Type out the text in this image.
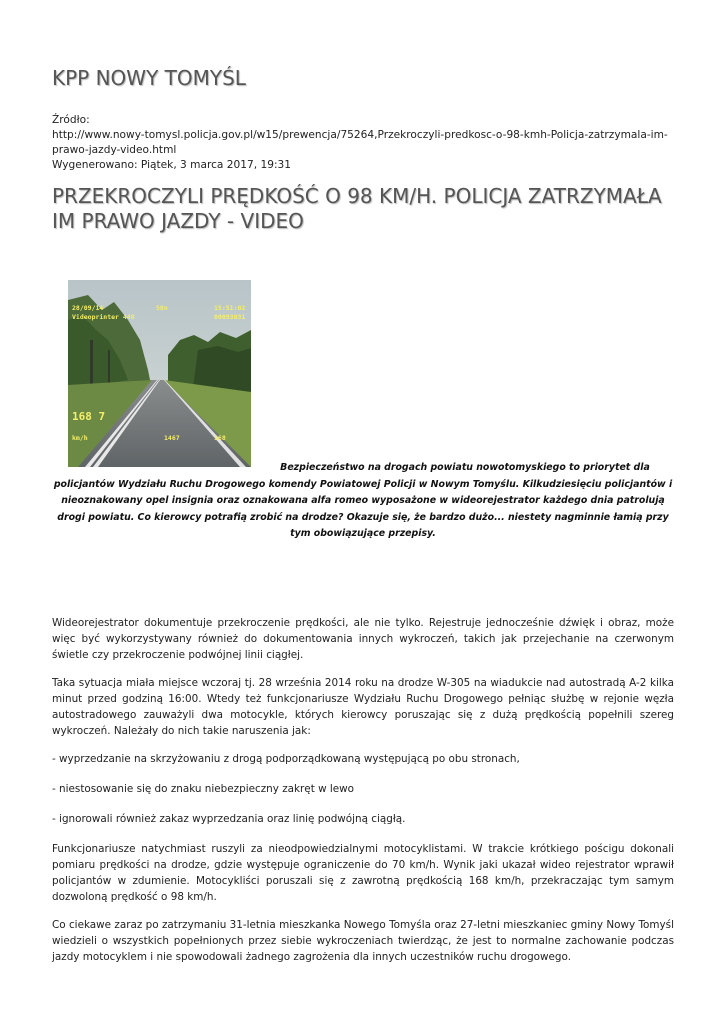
KPP NOWY TOMYŚL
Źródło:
http://www.nowy-tomysl.policja.gov.pl/w15/prewencja/75264,Przekroczyli-predkosc-o-98-kmh-Policja-zatrzymala-im-prawo-jazdy-video.html
Wygenerowano: Piątek, 3 marca 2017, 19:31
PRZEKROCZYLI PRĘDKOŚĆ O 98 KM/H. POLICJA ZATRZYMAŁA IM PRAWO JAZDY - VIDEO
28/09/14	58n	15:51:02
Videoprinter 448	00093031
km/h	1467	168
168 7
Bezpieczeństwo na drogach powiatu nowotomyskiego to priorytet dla policjantów Wydziału Ruchu Drogowego komendy Powiatowej Policji w Nowym Tomyślu. Kilkudziesięciu policjantów i nieoznakowany opel insignia oraz oznakowana alfa romeo wyposażone w wideorejestrator każdego dnia patrolują drogi powiatu. Co kierowcy potrafią zrobić na drodze? Okazuje się, że bardzo dużo... niestety nagminnie łamią przy tym obowiązujące przepisy.

Wideorejestrator dokumentuje przekroczenie prędkości, ale nie tylko. Rejestruje jednocześnie dźwięk i obraz, może więc być wykorzystywany również do dokumentowania innych wykroczeń, takich jak przejechanie na czerwonym świetle czy przekroczenie podwójnej linii ciągłej.

Taka sytuacja miała miejsce wczoraj tj. 28 września 2014 roku na drodze W-305 na wiadukcie nad autostradą A-2 kilka minut przed godziną 16:00. Wtedy też funkcjonariusze Wydziału Ruchu Drogowego pełniąc służbę w rejonie węzła autostradowego zauważyli dwa motocykle, których kierowcy poruszając się z dużą prędkością popełnili szereg wykroczeń. Należały do nich takie naruszenia jak:

- wyprzedzanie na skrzyżowaniu z drogą podporządkowaną występującą po obu stronach,

- niestosowanie się do znaku niebezpieczny zakręt w lewo

- ignorowali również zakaz wyprzedzania oraz linię podwójną ciągłą.

Funkcjonariusze natychmiast ruszyli za nieodpowiedzialnymi motocyklistami. W trakcie krótkiego pościgu dokonali pomiaru prędkości na drodze, gdzie występuje ograniczenie do 70 km/h. Wynik jaki ukazał wideo rejestrator wprawił policjantów w zdumienie. Motocykliści poruszali się z zawrotną prędkością 168 km/h, przekraczając tym samym dozwoloną prędkość o 98 km/h.

Co ciekawe zaraz po zatrzymaniu 31-letnia mieszkanka Nowego Tomyśla oraz 27-letni mieszkaniec gminy Nowy Tomyśl wiedzieli o wszystkich popełnionych przez siebie wykroczeniach twierdząc, że jest to normalne zachowanie podczas jazdy motocyklem i nie spowodowali żadnego zagrożenia dla innych uczestników ruchu drogowego.
